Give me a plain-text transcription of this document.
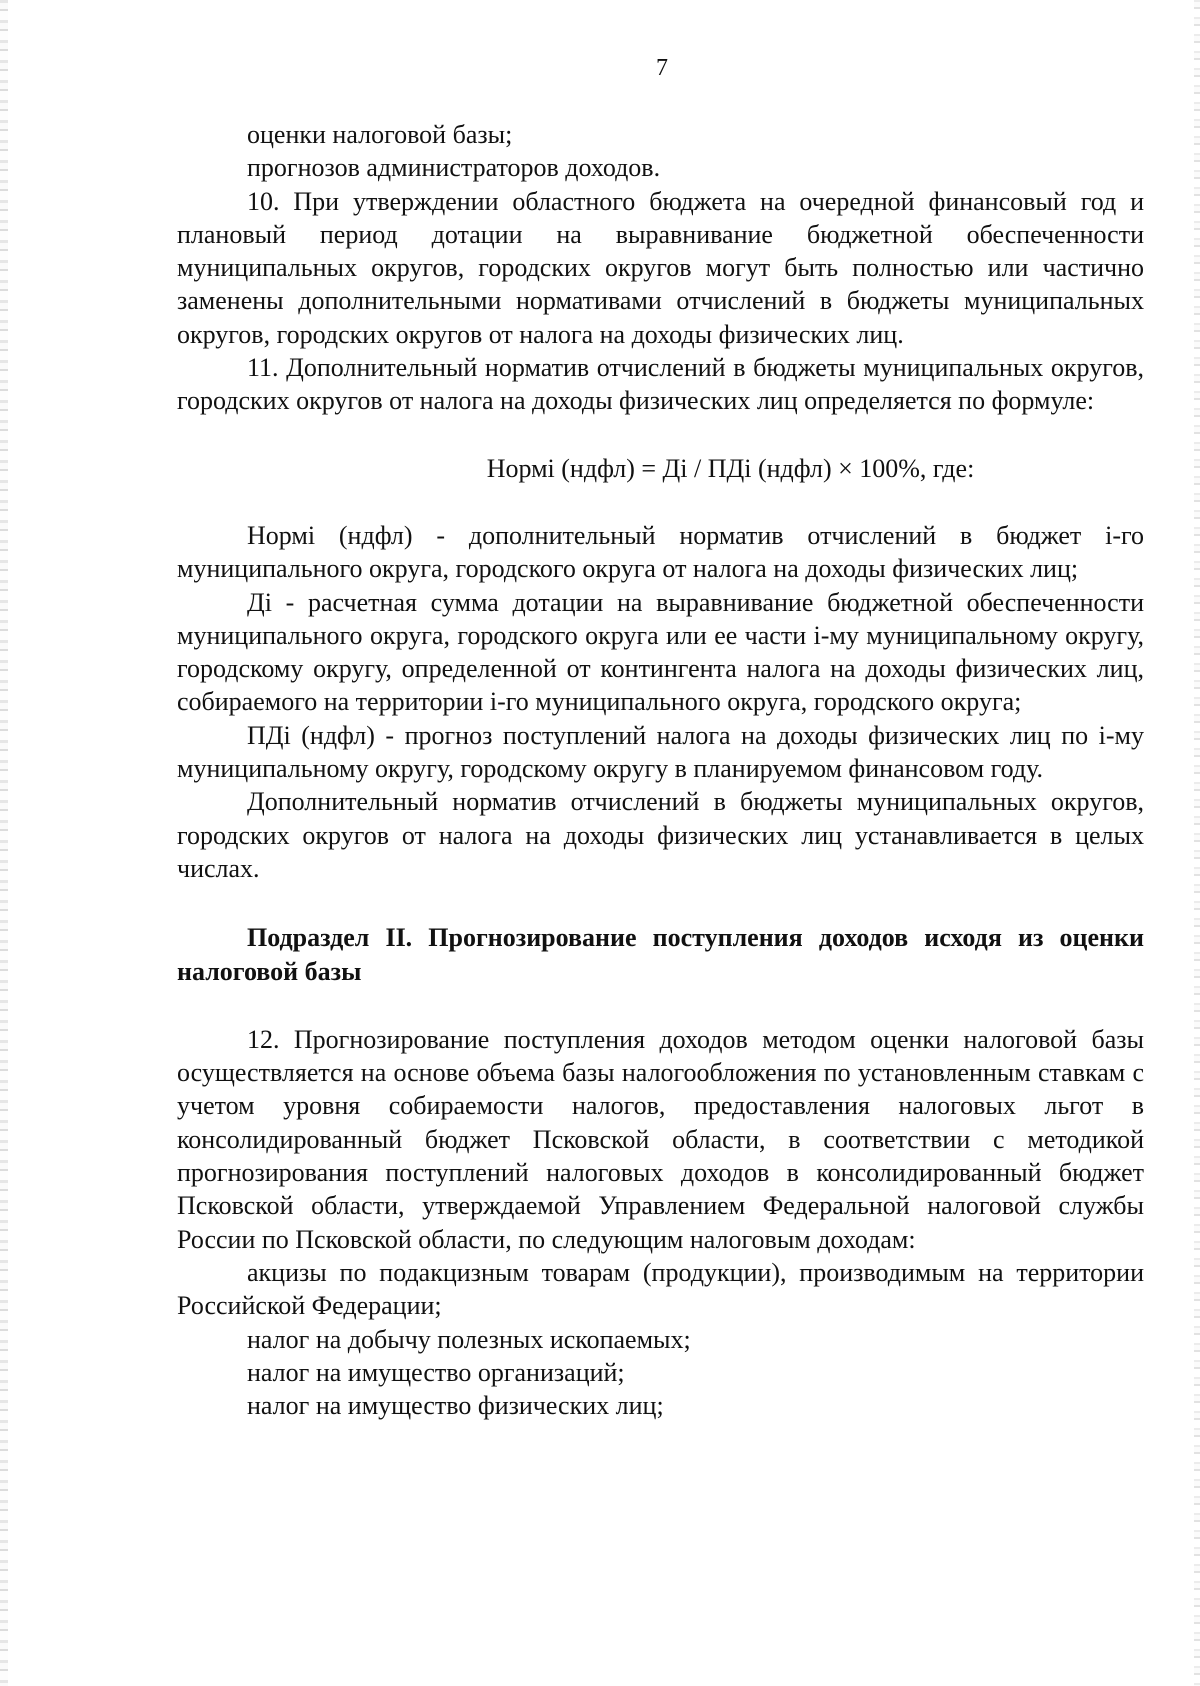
7

оценки налоговой базы;

прогнозов администраторов доходов.

10. При утверждении областного бюджета на очередной финансовый год и плановый период дотации на выравнивание бюджетной обеспеченности муниципальных округов, городских округов могут быть полностью или частично заменены дополнительными нормативами отчислений в бюджеты муниципальных округов, городских округов от налога на доходы физических лиц.

11. Дополнительный норматив отчислений в бюджеты муниципальных округов, городских округов от налога на доходы физических лиц определяется по формуле:

Нормi (ндфл) = Дi / ПДi (ндфл) × 100%, где:

Нормi (ндфл) - дополнительный норматив отчислений в бюджет i-го муниципального округа, городского округа от налога на доходы физических лиц;

Дi - расчетная сумма дотации на выравнивание бюджетной обеспеченности муниципального округа, городского округа или ее части i-му муниципальному округу, городскому округу, определенной от контингента налога на доходы физических лиц, собираемого на территории i-го муниципального округа, городского округа;

ПДi (ндфл) - прогноз поступлений налога на доходы физических лиц по i-му муниципальному округу, городскому округу в планируемом финансовом году.

Дополнительный норматив отчислений в бюджеты муниципальных округов, городских округов от налога на доходы физических лиц устанавливается в целых числах.

Подраздел II. Прогнозирование поступления доходов исходя из оценки налоговой базы

12. Прогнозирование поступления доходов методом оценки налоговой базы осуществляется на основе объема базы налогообложения по установленным ставкам с учетом уровня собираемости налогов, предоставления налоговых льгот в консолидированный бюджет Псковской области, в соответствии с методикой прогнозирования поступлений налоговых доходов в консолидированный бюджет Псковской области, утверждаемой Управлением Федеральной налоговой службы России по Псковской области, по следующим налоговым доходам:

акцизы по подакцизным товарам (продукции), производимым на территории Российской Федерации;

налог на добычу полезных ископаемых;

налог на имущество организаций;

налог на имущество физических лиц;
